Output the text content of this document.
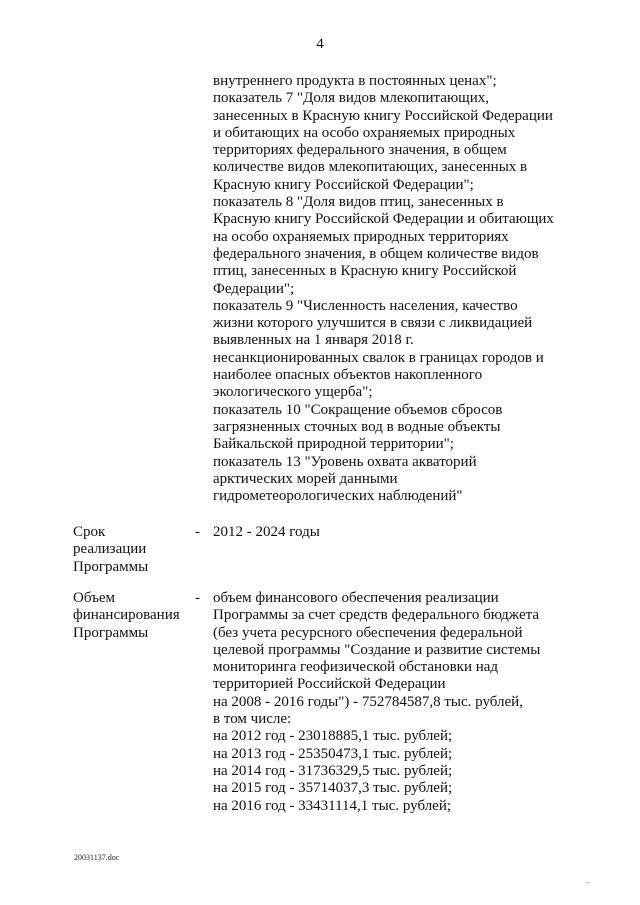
4
внутреннего продукта в постоянных ценах";
показатель 7 "Доля видов млекопитающих,
занесенных в Красную книгу Российской Федерации
и обитающих на особо охраняемых природных
территориях федерального значения, в общем
количестве видов млекопитающих, занесенных в
Красную книгу Российской Федерации";
показатель 8 "Доля видов птиц, занесенных в
Красную книгу Российской Федерации и обитающих
на особо охраняемых природных территориях
федерального значения, в общем количестве видов
птиц, занесенных в Красную книгу Российской
Федерации";
показатель 9 "Численность населения, качество
жизни которого улучшится в связи с ликвидацией
выявленных на 1 января 2018 г.
несанкционированных свалок в границах городов и
наиболее опасных объектов накопленного
экологического ущерба";
показатель 10 "Сокращение объемов сбросов
загрязненных сточных вод в водные объекты
Байкальской природной территории";
показатель 13 "Уровень охвата акваторий
арктических морей данными
гидрометеорологических наблюдений"
Срок
реализации
Программы
- 2012 - 2024 годы
Объем
финансирования
Программы
- объем финансового обеспечения реализации
Программы за счет средств федерального бюджета
(без учета ресурсного обеспечения федеральной
целевой программы "Создание и развитие системы
мониторинга геофизической обстановки над
территорией Российской Федерации
на 2008 - 2016 годы") - 752784587,8 тыс. рублей,
в том числе:
на 2012 год - 23018885,1 тыс. рублей;
на 2013 год - 25350473,1 тыс. рублей;
на 2014 год - 31736329,5 тыс. рублей;
на 2015 год - 35714037,3 тыс. рублей;
на 2016 год - 33431114,1 тыс. рублей;
20031137.doc
